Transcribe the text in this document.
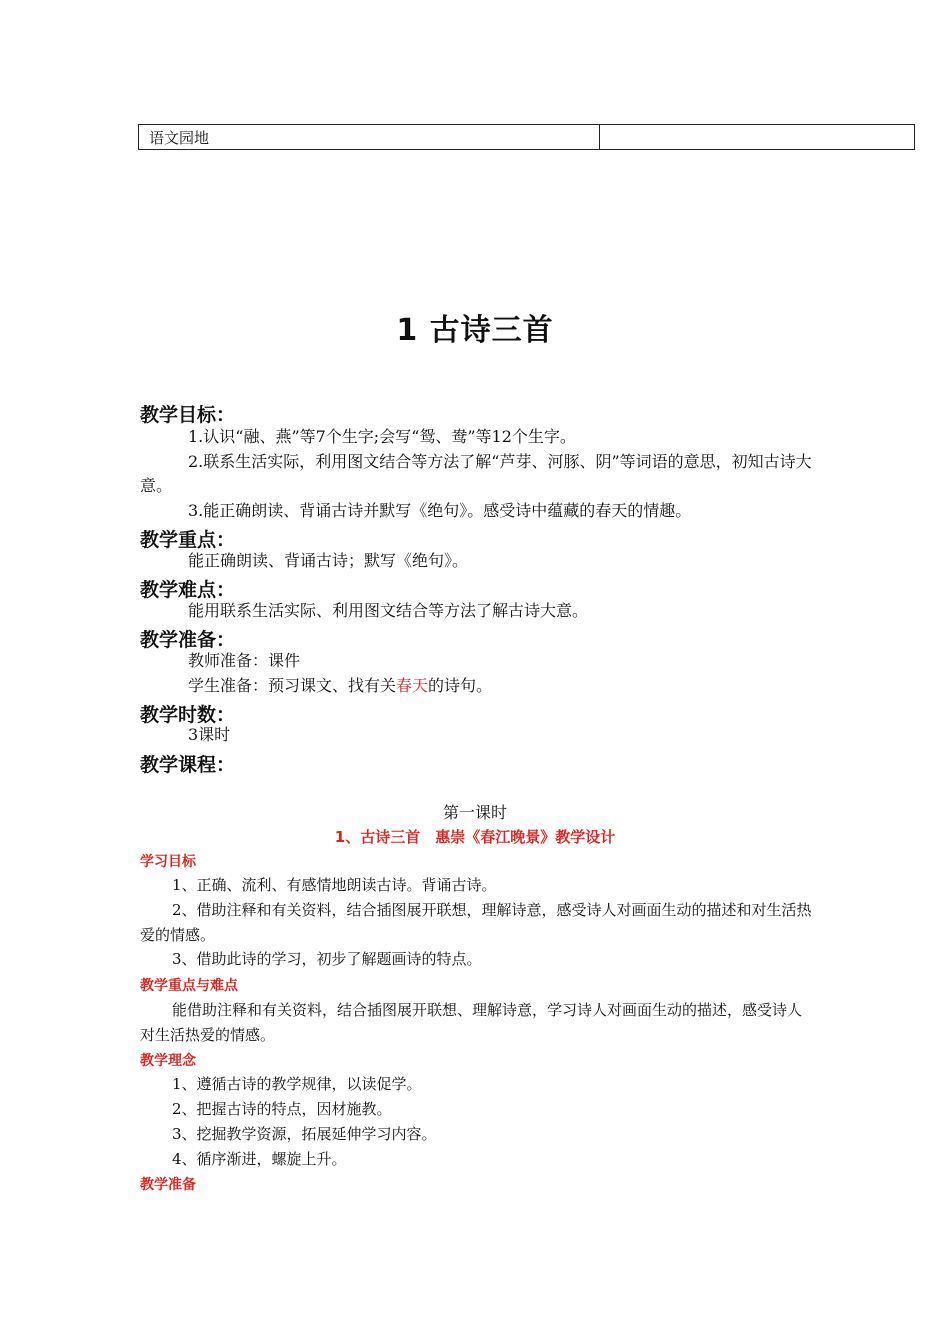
语文园地	
1 古诗三首
教学目标：

1.认识“融、燕”等7个生字;会写“鸳、鸯”等12个生字。

2.联系生活实际，利用图文结合等方法了解“芦芽、河豚、阴”等词语的意思，初知古诗大意。

3.能正确朗读、背诵古诗并默写《绝句》。感受诗中蕴藏的春天的情趣。

教学重点：

能正确朗读、背诵古诗；默写《绝句》。

教学难点：

能用联系生活实际、利用图文结合等方法了解古诗大意。

教学准备：

教师准备：课件

学生准备：预习课文、找有关春天的诗句。

教学时数：

3课时

教学课程：
第一课时
1、古诗三首　惠崇《春江晚景》教学设计
学习目标

1、正确、流利、有感情地朗读古诗。背诵古诗。

2、借助注释和有关资料，结合插图展开联想，理解诗意，感受诗人对画面生动的描述和对生活热爱的情感。

3、借助此诗的学习，初步了解题画诗的特点。

教学重点与难点

能借助注释和有关资料，结合插图展开联想、理解诗意，学习诗人对画面生动的描述，感受诗人对生活热爱的情感。

教学理念

1、遵循古诗的教学规律，以读促学。

2、把握古诗的特点，因材施教。

3、挖掘教学资源，拓展延伸学习内容。

4、循序渐进，螺旋上升。

教学准备
